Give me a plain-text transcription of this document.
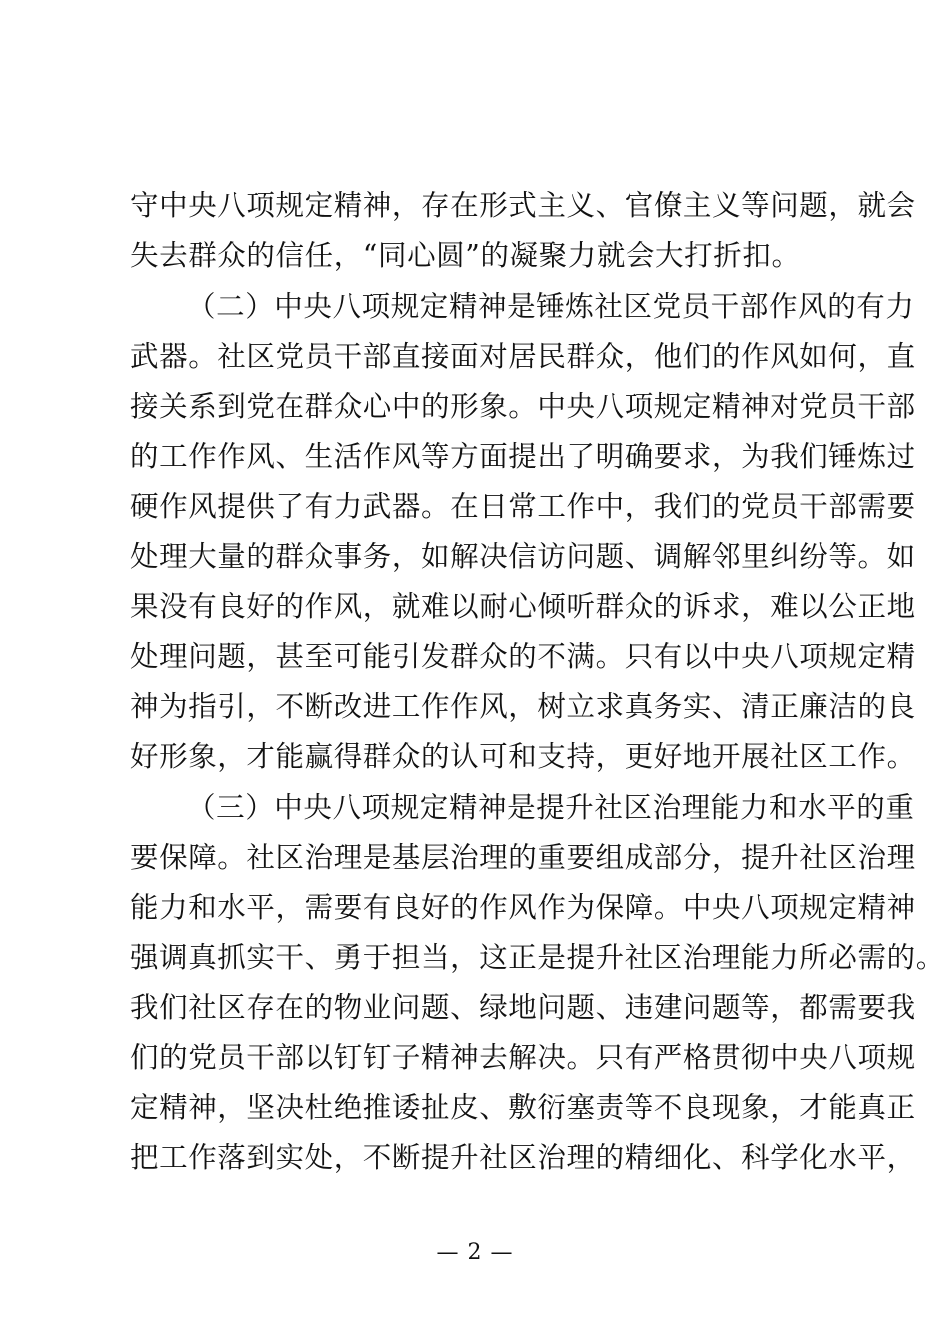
守中央八项规定精神，存在形式主义、官僚主义等问题，就会
失去群众的信任，“同心圆”的凝聚力就会大打折扣。
（二）中央八项规定精神是锤炼社区党员干部作风的有力
武器。社区党员干部直接面对居民群众，他们的作风如何，直
接关系到党在群众心中的形象。中央八项规定精神对党员干部
的工作作风、生活作风等方面提出了明确要求，为我们锤炼过
硬作风提供了有力武器。在日常工作中，我们的党员干部需要
处理大量的群众事务，如解决信访问题、调解邻里纠纷等。如
果没有良好的作风，就难以耐心倾听群众的诉求，难以公正地
处理问题，甚至可能引发群众的不满。只有以中央八项规定精
神为指引，不断改进工作作风，树立求真务实、清正廉洁的良
好形象，才能赢得群众的认可和支持，更好地开展社区工作。
（三）中央八项规定精神是提升社区治理能力和水平的重
要保障。社区治理是基层治理的重要组成部分，提升社区治理
能力和水平，需要有良好的作风作为保障。中央八项规定精神
强调真抓实干、勇于担当，这正是提升社区治理能力所必需的。
我们社区存在的物业问题、绿地问题、违建问题等，都需要我
们的党员干部以钉钉子精神去解决。只有严格贯彻中央八项规
定精神，坚决杜绝推诿扯皮、敷衍塞责等不良现象，才能真正
把工作落到实处，不断提升社区治理的精细化、科学化水平，
— 2 —
